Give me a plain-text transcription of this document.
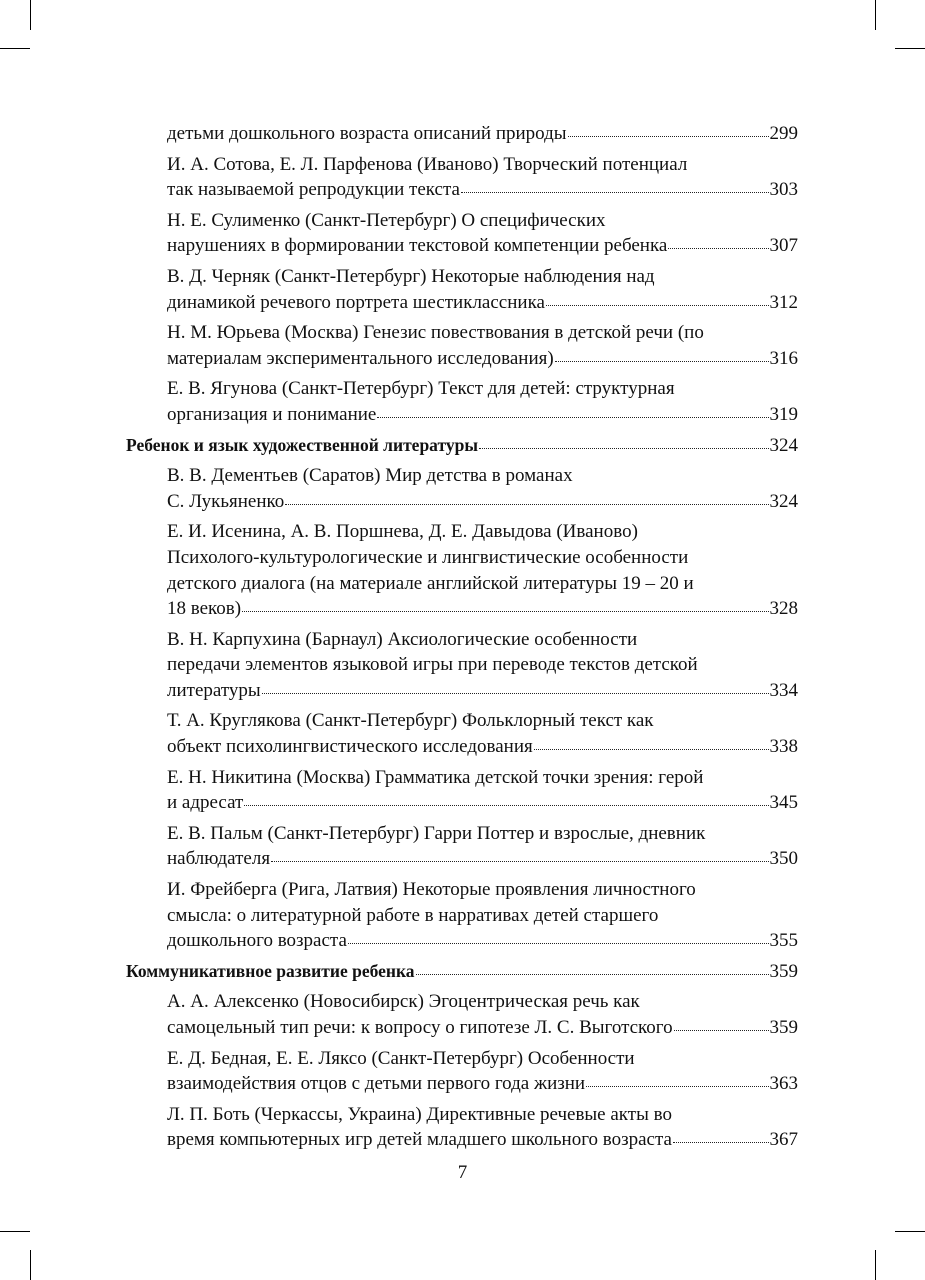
детьми дошкольного возраста описаний природы	299
И. А. Сотова, Е. Л. Парфенова (Иваново) Творческий потенциал
так называемой репродукции текста	303
Н. Е. Сулименко (Санкт-Петербург) О специфических
нарушениях в формировании текстовой компетенции ребенка	307
В. Д. Черняк (Санкт-Петербург) Некоторые наблюдения над
динамикой речевого портрета шестиклассника	312
Н. М. Юрьева (Москва) Генезис повествования в детской речи (по
материалам экспериментального исследования)	316
Е. В. Ягунова (Санкт-Петербург) Текст для детей: структурная
организация и понимание	319
Ребенок и язык художественной литературы	324
В. В. Дементьев (Саратов) Мир детства в романах
С. Лукьяненко	324
Е. И. Исенина, А. В. Поршнева, Д. Е. Давыдова (Иваново)
Психолого-культурологические и лингвистические особенности
детского диалога (на материале английской литературы 19 – 20 и
18 веков)	328
В. Н. Карпухина (Барнаул) Аксиологические особенности
передачи элементов языковой игры при переводе текстов детской
литературы	334
Т. А. Круглякова (Санкт-Петербург) Фольклорный текст как
объект психолингвистического исследования	338
Е. Н. Никитина (Москва) Грамматика детской точки зрения: герой
и адресат	345
Е. В. Пальм (Санкт-Петербург) Гарри Поттер и взрослые, дневник
наблюдателя	350
И. Фрейберга (Рига, Латвия) Некоторые проявления личностного
смысла: о литературной работе в нарративах детей старшего
дошкольного возраста	355
Коммуникативное развитие ребенка	359
А. А. Алексенко (Новосибирск) Эгоцентрическая речь как
самоцельный тип речи: к вопросу о гипотезе Л. С. Выготского	359
Е. Д. Бедная, Е. Е. Ляксо (Санкт-Петербург) Особенности
взаимодействия отцов с детьми первого года жизни	363
Л. П. Боть (Черкассы, Украина) Директивные речевые акты во
время компьютерных игр детей младшего школьного возраста	367
7
